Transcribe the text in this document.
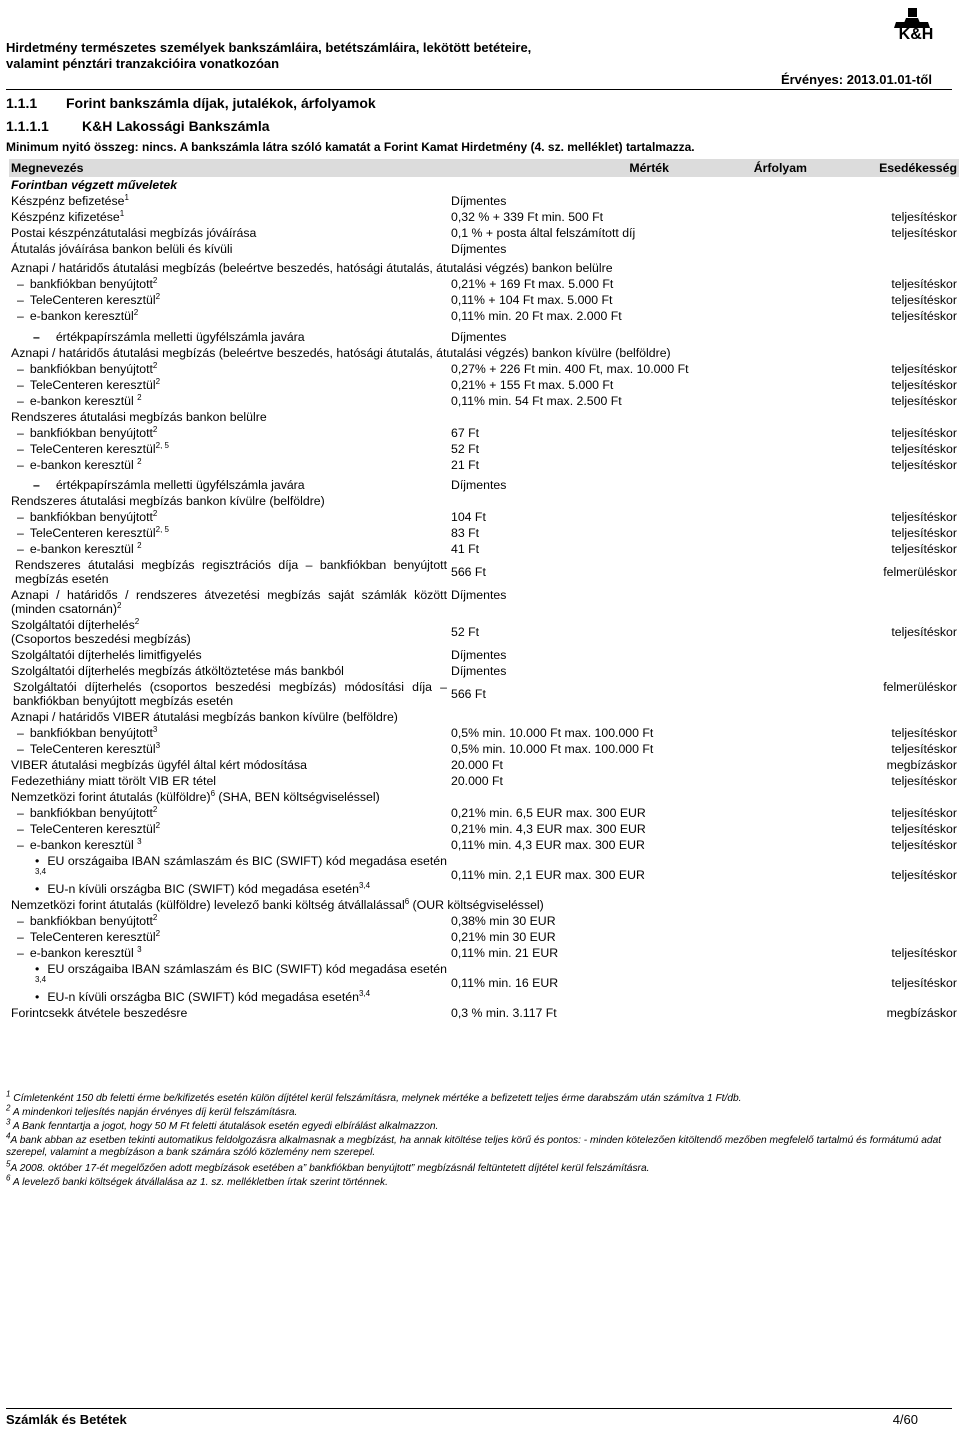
Hirdetmény természetes személyek bankszámláira, betétszámláira, lekötött betéteire,
valamint pénztári tranzakcióira vonatkozóan
Érvényes: 2013.01.01-től
K&H
1.1.1 Forint bankszámla díjak, jutalékok, árfolyamok
1.1.1.1 K&H Lakossági Bankszámla
Minimum nyitó összeg: nincs. A bankszámla látra szóló kamatát a Forint Kamat Hirdetmény (4. sz. melléklet) tartalmazza.
Megnevezés	Mérték	Árfolyam	Esedékesség
Forintban végzett műveletek			
Készpénz befizetése$^1$	Díjmentes		
Készpénz kifizetése$^1$	0,32 % + 339 Ft min. 500 Ft		teljesítéskor
Postai készpénzátutalási megbízás jóváírása	0,1 % + posta által felszámított díj		teljesítéskor
Átutalás jóváírása bankon belüli és kívüli	Díjmentes		
Aznapi / határidős átutalási megbízás (beleértve beszedés, hatósági átutalás, átutalási végzés) bankon belülre			
– bankfiókban benyújtott$^2$	0,21% + 169 Ft max. 5.000 Ft		teljesítéskor
– TeleCenteren keresztül$^2$	0,11% + 104 Ft max. 5.000 Ft		teljesítéskor
– e-bankon keresztül$^2$	0,11% min. 20 Ft max. 2.000 Ft		teljesítéskor
– értékpapírszámla melletti ügyfélszámla javára	Díjmentes		
Aznapi / határidős átutalási megbízás (beleértve beszedés, hatósági átutalás, átutalási végzés) bankon kívülre (belföldre)			
– bankfiókban benyújtott$^2$	0,27% + 226 Ft min. 400 Ft, max. 10.000 Ft		teljesítéskor
– TeleCenteren keresztül$^2$	0,21% + 155 Ft max. 5.000 Ft		teljesítéskor
– e-bankon keresztül $^2$	0,11% min. 54 Ft max. 2.500 Ft		teljesítéskor
Rendszeres átutalási megbízás bankon belülre			
– bankfiókban benyújtott$^2$	67 Ft		teljesítéskor
– TeleCenteren keresztül$^{2, 5}$	52 Ft		teljesítéskor
– e-bankon keresztül $^2$	21 Ft		teljesítéskor
– értékpapírszámla melletti ügyfélszámla javára	Díjmentes		
Rendszeres átutalási megbízás bankon kívülre (belföldre)			
– bankfiókban benyújtott$^2$	104 Ft		teljesítéskor
– TeleCenteren keresztül$^{2, 5}$	83 Ft		teljesítéskor
– e-bankon keresztül $^2$	41 Ft		teljesítéskor
Rendszeres átutalási megbízás regisztrációs díja – bankfiókban benyújtott megbízás esetén	566 Ft		felmerüléskor
Aznapi / határidős / rendszeres átvezetési megbízás saját számlák között (minden csatornán)$^2$	Díjmentes		
Szolgáltatói díjterhelés$^2$
(Csoportos beszedési megbízás)	52 Ft		teljesítéskor
Szolgáltatói díjterhelés limitfigyelés	Díjmentes		
Szolgáltatói díjterhelés megbízás átköltöztetése más bankból	Díjmentes		
Szolgáltatói díjterhelés (csoportos beszedési megbízás) módosítási díja – bankfiókban benyújtott megbízás esetén	566 Ft		felmerüléskor
Aznapi / határidős VIBER átutalási megbízás bankon kívülre (belföldre)			
– bankfiókban benyújtott$^3$	0,5% min. 10.000 Ft max. 100.000 Ft		teljesítéskor
– TeleCenteren keresztül$^3$	0,5% min. 10.000 Ft max. 100.000 Ft		teljesítéskor
VIBER átutalási megbízás ügyfél által kért módosítása	20.000 Ft		megbízáskor
Fedezethiány miatt törölt VIB ER tétel	20.000 Ft		teljesítéskor
Nemzetközi forint átutalás (külföldre)$^6$ (SHA, BEN költségviseléssel)			
– bankfiókban benyújtott$^2$	0,21% min. 6,5 EUR max. 300 EUR		teljesítéskor
– TeleCenteren keresztül$^2$	0,21% min. 4,3 EUR max. 300 EUR		teljesítéskor
– e-bankon keresztül $^3$	0,11% min. 4,3 EUR max. 300 EUR		teljesítéskor

• EU országaiba IBAN számlaszám és BIC (SWIFT) kód megadása esetén $^{3,4}$
• EU-n kívüli országba BIC (SWIFT) kód megadása esetén$^{3,4}$	0,11% min. 2,1 EUR max. 300 EUR		teljesítéskor
Nemzetközi forint átutalás (külföldre) levelező banki költség átvállalással$^6$ (OUR költségviseléssel)			
– bankfiókban benyújtott$^2$	0,38% min 30 EUR		
– TeleCenteren keresztül$^2$	0,21% min 30 EUR		
– e-bankon keresztül $^3$	0,11% min. 21 EUR		teljesítéskor

• EU országaiba IBAN számlaszám és BIC (SWIFT) kód megadása esetén $^{3,4}$
• EU-n kívüli országba BIC (SWIFT) kód megadása esetén$^{3,4}$	0,11% min. 16 EUR		teljesítéskor
Forintcsekk átvétele beszedésre	0,3 % min. 3.117 Ft		megbízáskor
$^1$ Címletenként 150 db feletti érme be/kifizetés esetén külön díjtétel kerül felszámításra, melynek mértéke a befizetett teljes érme darabszám után számítva 1 Ft/db.
$^2$ A mindenkori teljesítés napján érvényes díj kerül felszámításra.
$^3$ A Bank fenntartja a jogot, hogy 50 M Ft feletti átutalások esetén egyedi elbírálást alkalmazzon.
$^4$A bank abban az esetben tekinti automatikus feldolgozásra alkalmasnak a megbízást, ha annak kitöltése teljes körű és pontos: - minden kötelezően kitöltendő mezőben megfelelő tartalmú és formátumú adat szerepel, valamint a megbízáson a bank számára szóló közlemény nem szerepel.
$^5$A 2008. október 17-ét megelőzően adott megbízások esetében a” bankfiókban benyújtott” megbízásnál feltüntetett díjtétel kerül felszámításra.
$^6$ A levelező banki költségek átvállalása az 1. sz. mellékletben írtak szerint történnek.
Számlák és Betétek	4/60
